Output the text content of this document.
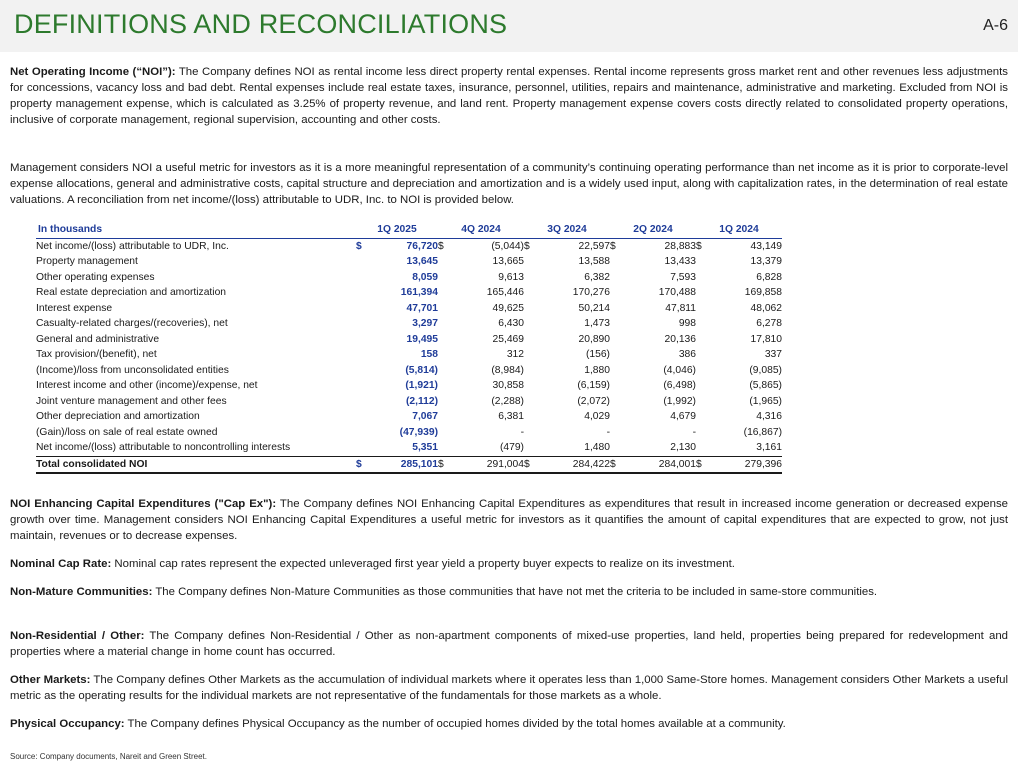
DEFINITIONS AND RECONCILIATIONS	A-6

Net Operating Income (“NOI”): The Company defines NOI as rental income less direct property rental expenses. Rental income represents gross market rent and other revenues less adjustments for concessions, vacancy loss and bad debt. Rental expenses include real estate taxes, insurance, personnel, utilities, repairs and maintenance, administrative and marketing. Excluded from NOI is property management expense, which is calculated as 3.25% of property revenue, and land rent. Property management expense covers costs directly related to consolidated property operations, inclusive of corporate management, regional supervision, accounting and other costs.

Management considers NOI a useful metric for investors as it is a more meaningful representation of a community’s continuing operating performance than net income as it is prior to corporate-level expense allocations, general and administrative costs, capital structure and depreciation and amortization and is a widely used input, along with capitalization rates, in the determination of real estate valuations. A reconciliation from net income/(loss) attributable to UDR, Inc. to NOI is provided below.

In thousands	1Q 2025		4Q 2024		3Q 2024		2Q 2024		1Q 2024	
Net income/(loss) attributable to UDR, Inc.	$	76,720	$	(5,044)	$	22,597	$	28,883	$	43,149
Property management		13,645		13,665		13,588		13,433		13,379
Other operating expenses		8,059		9,613		6,382		7,593		6,828
Real estate depreciation and amortization		161,394		165,446		170,276		170,488		169,858
Interest expense		47,701		49,625		50,214		47,811		48,062
Casualty-related charges/(recoveries), net		3,297		6,430		1,473		998		6,278
General and administrative		19,495		25,469		20,890		20,136		17,810
Tax provision/(benefit), net		158		312		(156)		386		337
(Income)/loss from unconsolidated entities		(5,814)		(8,984)		1,880		(4,046)		(9,085)
Interest income and other (income)/expense, net		(1,921)		30,858		(6,159)		(6,498)		(5,865)
Joint venture management and other fees		(2,112)		(2,288)		(2,072)		(1,992)		(1,965)
Other depreciation and amortization		7,067		6,381		4,029		4,679		4,316
(Gain)/loss on sale of real estate owned		(47,939)		-		-		-		(16,867)
Net income/(loss) attributable to noncontrolling interests		5,351		(479)		1,480		2,130		3,161
Total consolidated NOI	$	285,101	$	291,004	$	284,422	$	284,001	$	279,396

NOI Enhancing Capital Expenditures ("Cap Ex"): The Company defines NOI Enhancing Capital Expenditures as expenditures that result in increased income generation or decreased expense growth over time. Management considers NOI Enhancing Capital Expenditures a useful metric for investors as it quantifies the amount of capital expenditures that are expected to grow, not just maintain, revenues or to decrease expenses.

Nominal Cap Rate: Nominal cap rates represent the expected unleveraged first year yield a property buyer expects to realize on its investment.

Non-Mature Communities: The Company defines Non-Mature Communities as those communities that have not met the criteria to be included in same-store communities.

Non-Residential / Other: The Company defines Non-Residential / Other as non-apartment components of mixed-use properties, land held, properties being prepared for redevelopment and properties where a material change in home count has occurred.

Other Markets: The Company defines Other Markets as the accumulation of individual markets where it operates less than 1,000 Same-Store homes. Management considers Other Markets a useful metric as the operating results for the individual markets are not representative of the fundamentals for those markets as a whole.

Physical Occupancy: The Company defines Physical Occupancy as the number of occupied homes divided by the total homes available at a community.

Source: Company documents, Nareit and Green Street.
